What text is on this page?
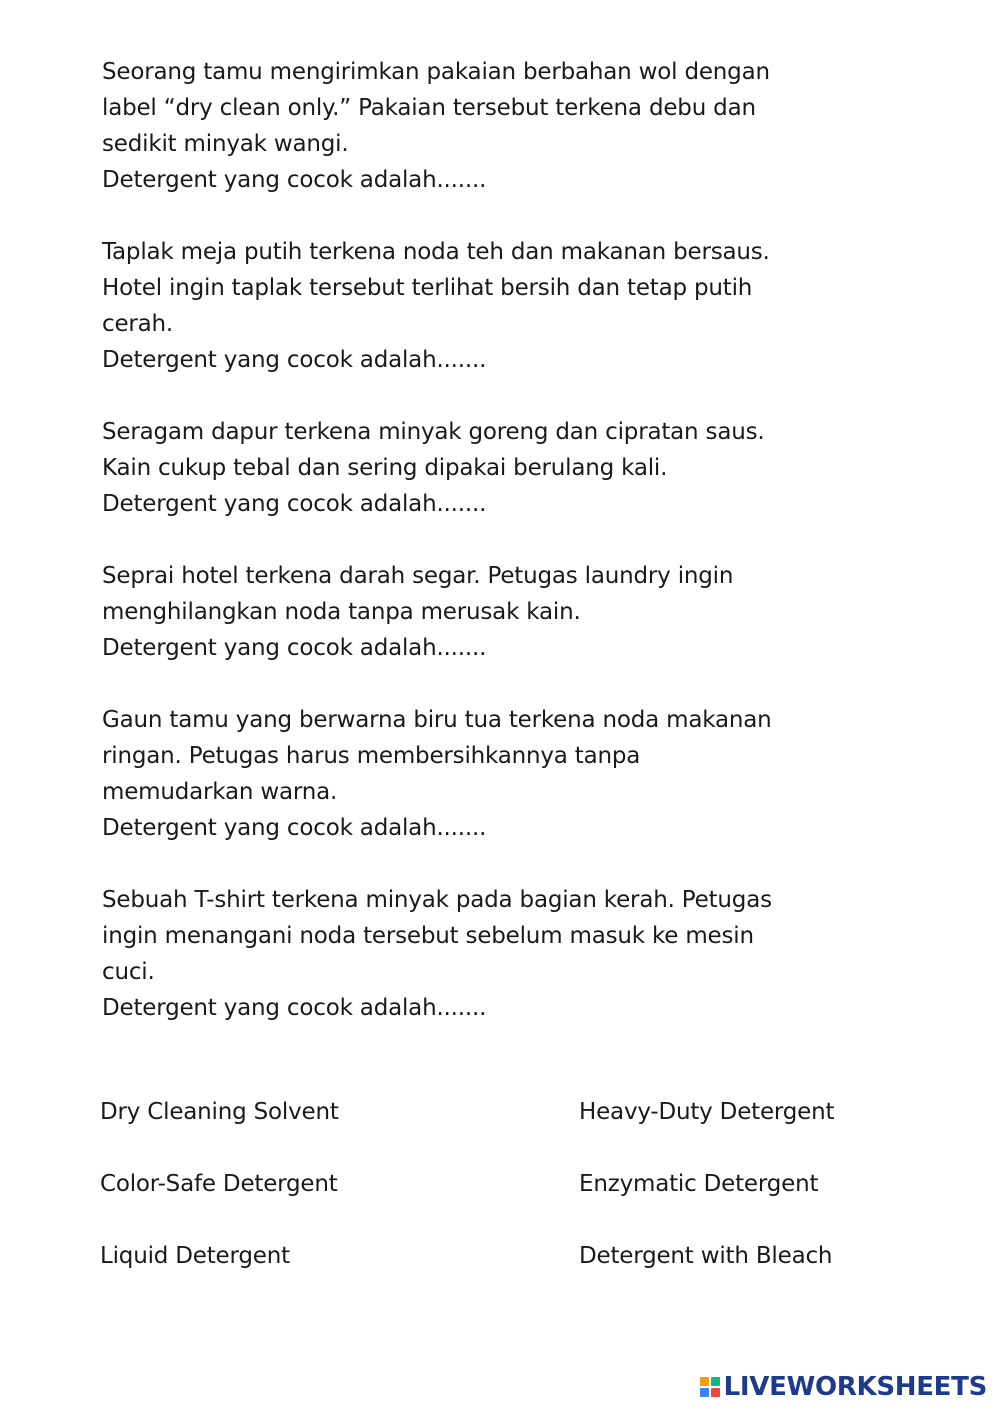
Seorang tamu mengirimkan pakaian berbahan wol dengan

label “dry clean only.” Pakaian tersebut terkena debu dan

sedikit minyak wangi.

Detergent yang cocok adalah.......

Taplak meja putih terkena noda teh dan makanan bersaus.

Hotel ingin taplak tersebut terlihat bersih dan tetap putih

cerah.

Detergent yang cocok adalah.......

Seragam dapur terkena minyak goreng dan cipratan saus.

Kain cukup tebal dan sering dipakai berulang kali.

Detergent yang cocok adalah.......

Seprai hotel terkena darah segar. Petugas laundry ingin

menghilangkan noda tanpa merusak kain.

Detergent yang cocok adalah.......

Gaun tamu yang berwarna biru tua terkena noda makanan

ringan. Petugas harus membersihkannya tanpa

memudarkan warna.

Detergent yang cocok adalah.......

Sebuah T-shirt terkena minyak pada bagian kerah. Petugas

ingin menangani noda tersebut sebelum masuk ke mesin

cuci.

Detergent yang cocok adalah.......

Dry Cleaning Solvent	Heavy-Duty Detergent
Color-Safe Detergent	Enzymatic Detergent
Liquid Detergent	Detergent with Bleach
LIVEWORKSHEETS
